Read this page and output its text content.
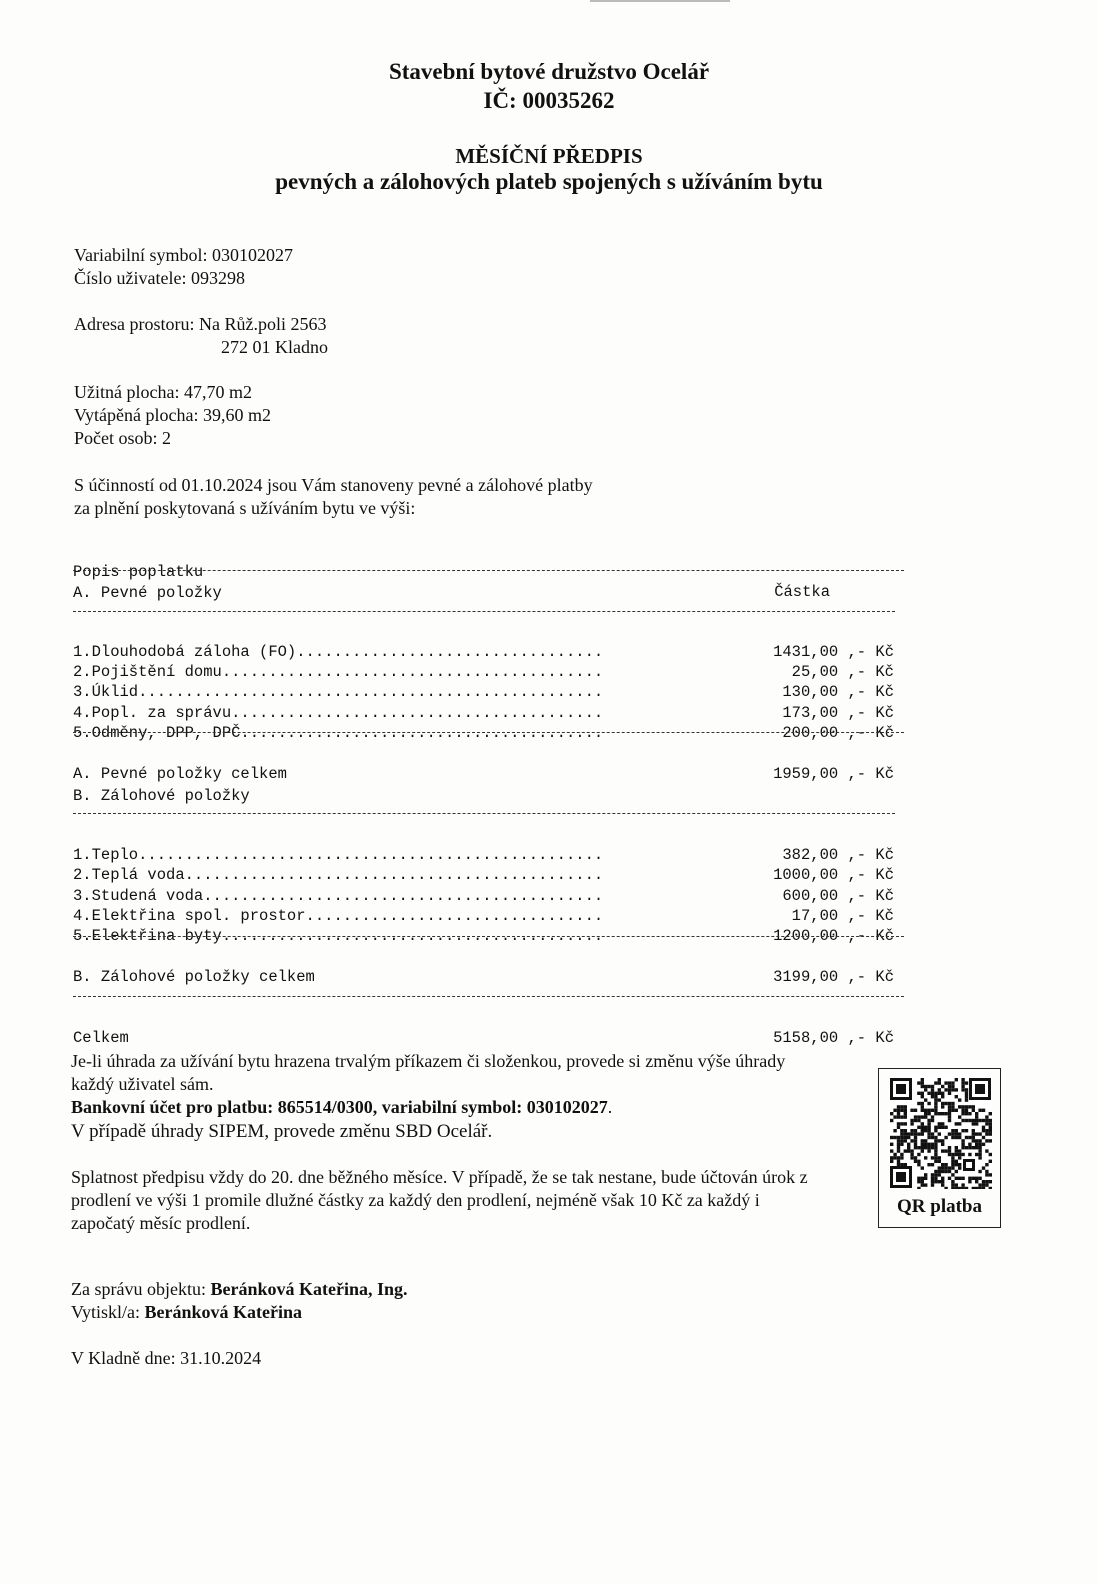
Stavební bytové družstvo Ocelář
IČ: 00035262
MĚSÍČNÍ PŘEDPIS
pevných a zálohových plateb spojených s užíváním bytu
Variabilní symbol: 030102027
Číslo uživatele: 093298
Adresa prostoru: Na Růž.poli 2563
272 01 Kladno
Užitná plocha: 47,70 m2
Vytápěná plocha: 39,60 m2
Počet osob: 2
S účinností od 01.10.2024 jsou Vám stanoveny pevné a zálohové platby
za plnění poskytovaná s užíváním bytu ve výši:

Popis poplatku

Částka

A. Pevné položky

1.Dlouhodobá záloha (FO).................................	1431,00 ,- Kč

2.Pojištění domu.........................................	25,00 ,- Kč

3.Úklid..................................................	130,00 ,- Kč

4.Popl. za správu........................................	173,00 ,- Kč

5.Odměny, DPP, DPČ.......................................	200,00 ,- Kč

A. Pevné položky celkem	1959,00 ,- Kč

B. Zálohové položky

1.Teplo..................................................	382,00 ,- Kč

2.Teplá voda.............................................	1000,00 ,- Kč

3.Studená voda...........................................	600,00 ,- Kč

4.Elektřina spol. prostor................................	17,00 ,- Kč

5.Elektřina byty.........................................	1200,00 ,- Kč

B. Zálohové položky celkem	3199,00 ,- Kč

Celkem	5158,00 ,- Kč

Je-li úhrada za užívání bytu hrazena trvalým příkazem či složenkou, provede si změnu výše úhrady
každý uživatel sám.
Bankovní účet pro platbu: 865514/0300, variabilní symbol: 030102027.
V případě úhrady SIPEM, provede změnu SBD Ocelář.
Splatnost předpisu vždy do 20. dne běžného měsíce. V případě, že se tak nestane, bude účtován úrok z
prodlení ve výši 1 promile dlužné částky za každý den prodlení, nejméně však 10 Kč za každý i
započatý měsíc prodlení.
QR platba
Za správu objektu: Beránková Kateřina, Ing.
Vytiskl/a: Beránková Kateřina
V Kladně dne: 31.10.2024
